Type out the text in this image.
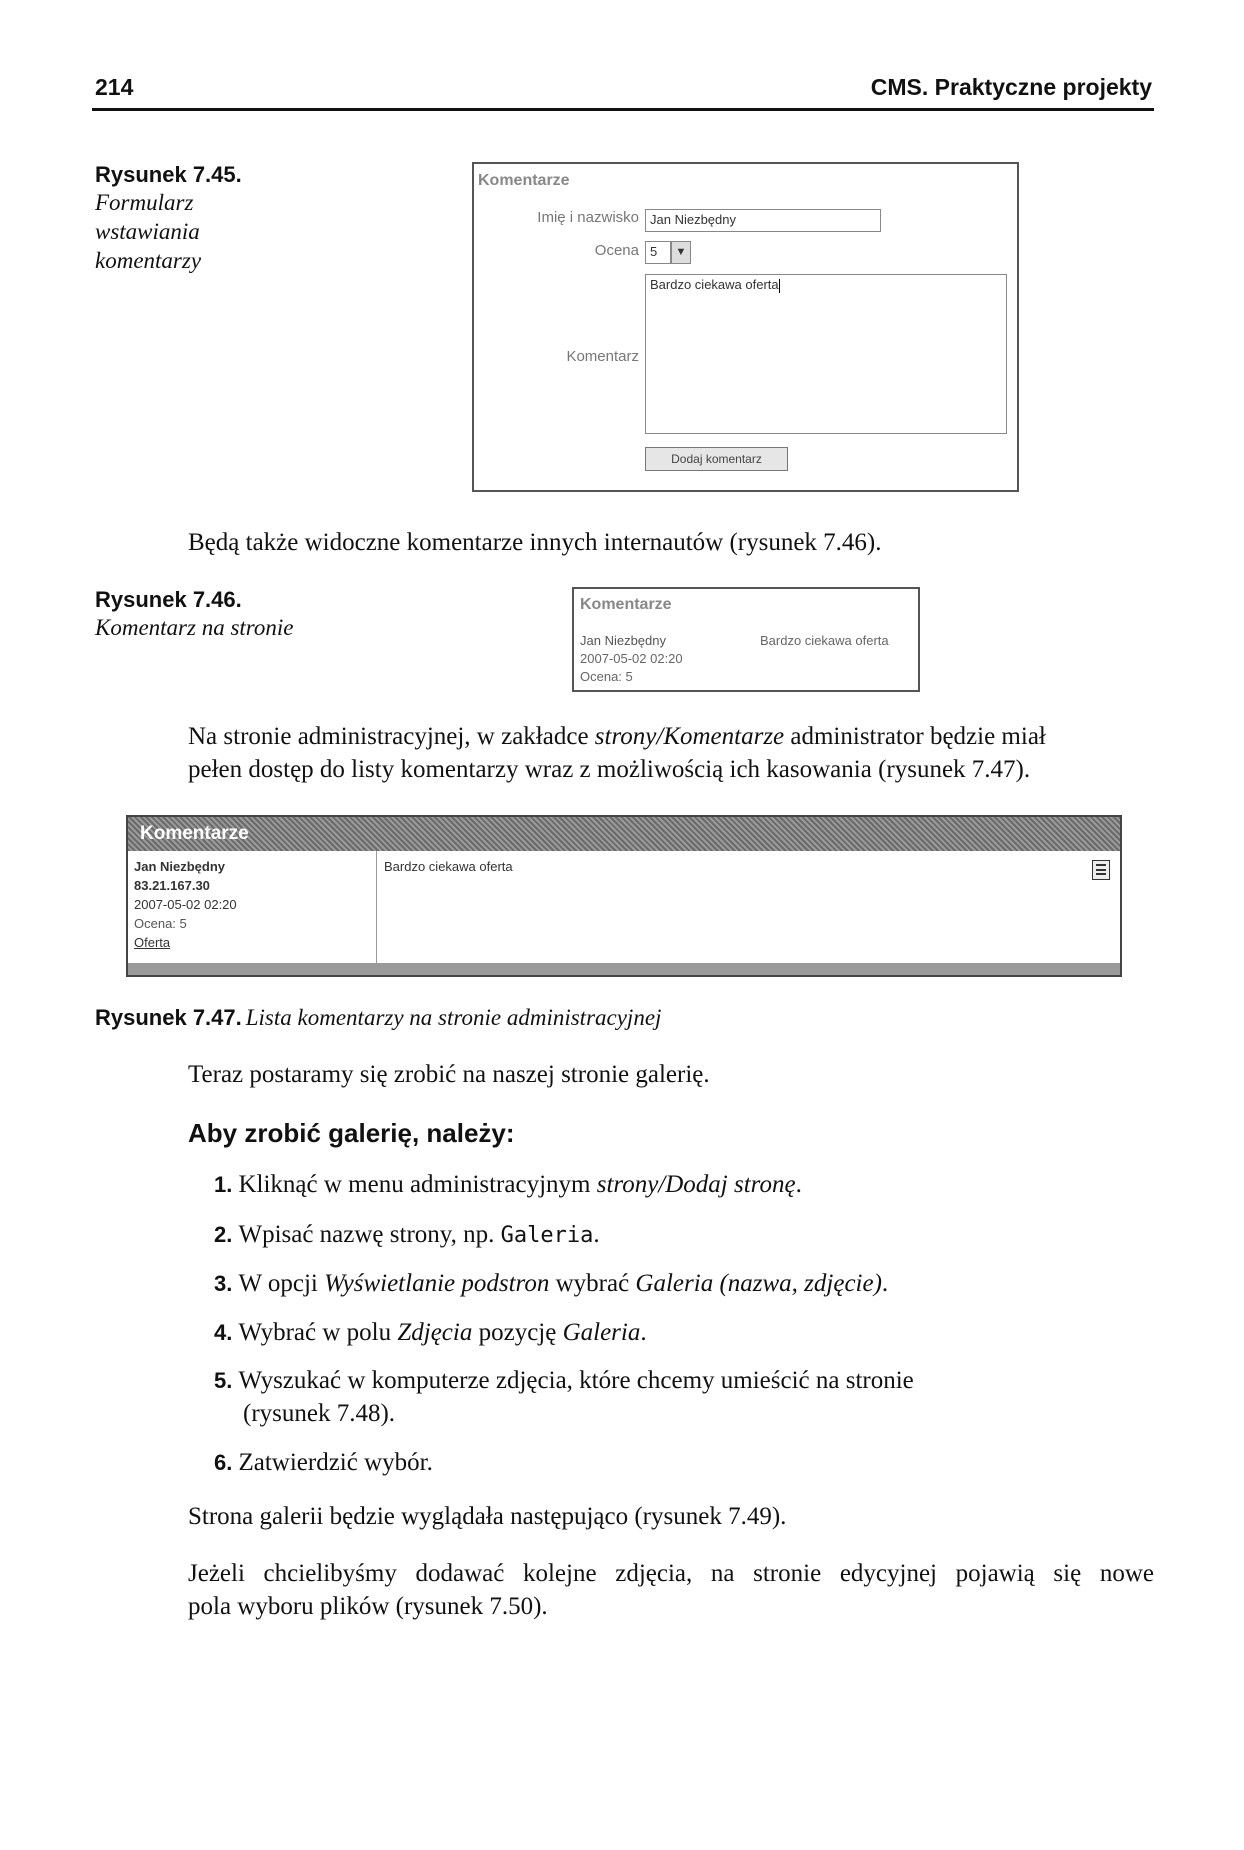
214	CMS. Praktyczne projekty
Rysunek 7.45.
Formularz
wstawiania
komentarzy
Komentarze
Imię i nazwisko Jan Niezbędny
Ocena 5	▼
Komentarz
Bardzo ciekawa oferta
Dodaj komentarz
Będą także widoczne komentarze innych internautów (rysunek 7.46).
Rysunek 7.46.
Komentarz na stronie
Komentarze
Jan Niezbędny
2007-05-02 02:20
Ocena: 5
Bardzo ciekawa oferta
Na stronie administracyjnej, w zakładce strony/Komentarze administrator będzie miał
pełen dostęp do listy komentarzy wraz z możliwością ich kasowania (rysunek 7.47).
Komentarze
Jan Niezbędny
83.21.167.30
2007-05-02 02:20
Ocena: 5
Oferta
Bardzo ciekawa oferta
Rysunek 7.47. Lista komentarzy na stronie administracyjnej
Teraz postaramy się zrobić na naszej stronie galerię.
Aby zrobić galerię, należy:
1. Kliknąć w menu administracyjnym strony/Dodaj stronę.
2. Wpisać nazwę strony, np. Galeria.
3. W opcji Wyświetlanie podstron wybrać Galeria (nazwa, zdjęcie).
4. Wybrać w polu Zdjęcia pozycję Galeria.
5. Wyszukać w komputerze zdjęcia, które chcemy umieścić na stronie
(rysunek 7.48).
6. Zatwierdzić wybór.
Strona galerii będzie wyglądała następująco (rysunek 7.49).
Jeżeli chcielibyśmy dodawać kolejne zdjęcia, na stronie edycyjnej pojawią się nowe
pola wyboru plików (rysunek 7.50).
